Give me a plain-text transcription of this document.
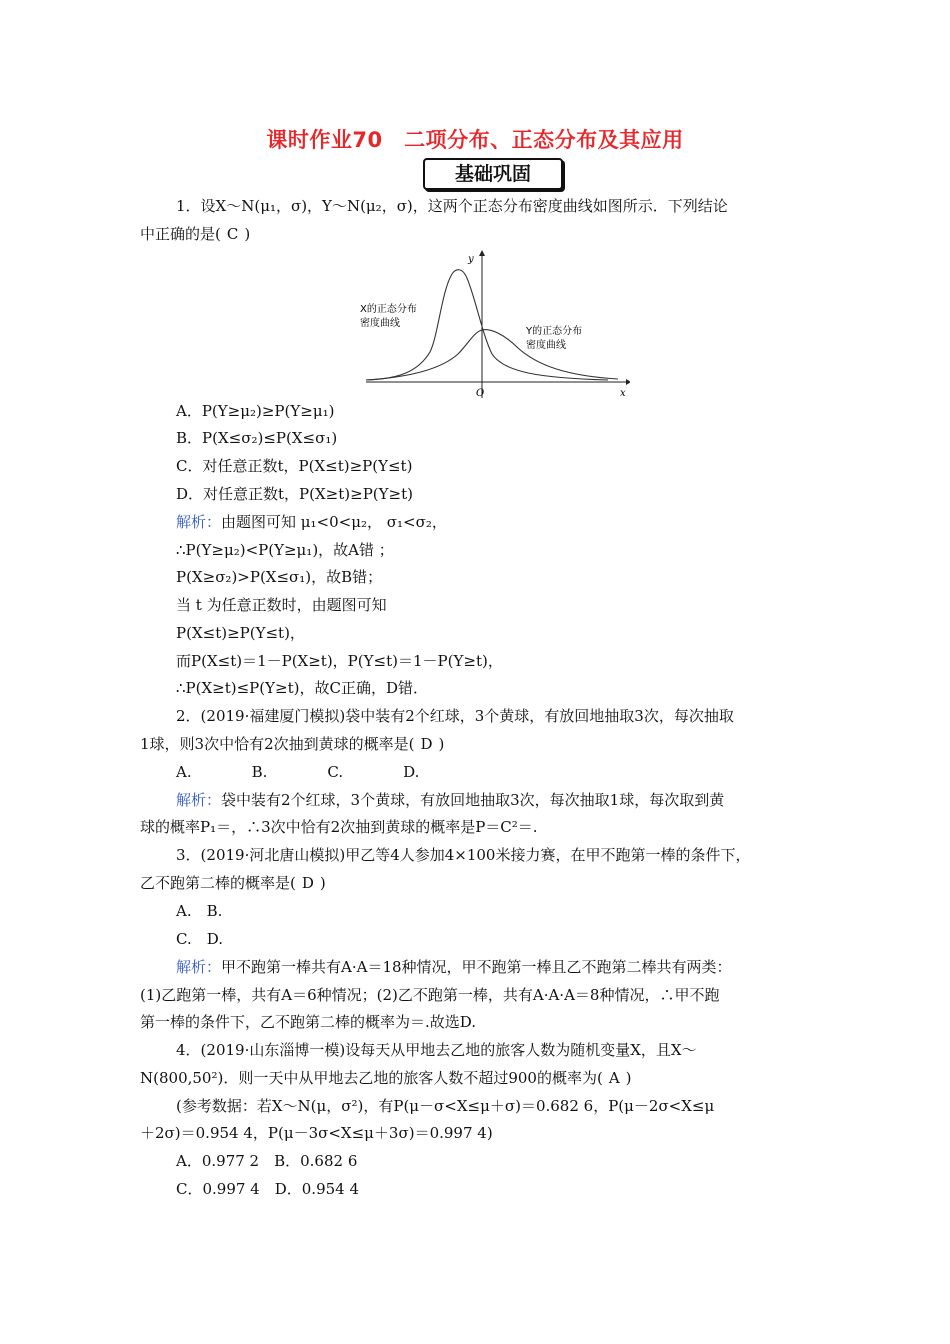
课时作业70　二项分布、正态分布及其应用
基础巩固
1．设X～N(μ₁，σ)，Y～N(μ₂，σ)，这两个正态分布密度曲线如图所示．下列结论
中正确的是( C )
y
x
O
X的正态分布
密度曲线
Y的正态分布
密度曲线
A．P(Y≥μ₂)≥P(Y≥μ₁)
B．P(X≤σ₂)≤P(X≤σ₁)
C．对任意正数t，P(X≤t)≥P(Y≤t)
D．对任意正数t，P(X≥t)≥P(Y≥t)
解析：由题图可知 μ₁<0<μ₂， σ₁<σ₂，
∴P(Y≥μ₂)<P(Y≥μ₁)，故A错 ；
P(X≥σ₂)>P(X≤σ₁)，故B错；
当 t 为任意正数时，由题图可知
P(X≤t)≥P(Y≤t)，
而P(X≤t)＝1－P(X≥t)，P(Y≤t)＝1－P(Y≥t)，
∴P(X≥t)≤P(Y≥t)，故C正确，D错．
2．(2019·福建厦门模拟)袋中装有2个红球，3个黄球，有放回地抽取3次，每次抽取
1球，则3次中恰有2次抽到黄球的概率是( D )
A.　　　　B.　　　　C.　　　　D.
解析：袋中装有2个红球，3个黄球，有放回地抽取3次，每次抽取1球，每次取到黄
球的概率P₁＝，∴3次中恰有2次抽到黄球的概率是P＝C²＝.
3．(2019·河北唐山模拟)甲乙等4人参加4×100米接力赛，在甲不跑第一棒的条件下，
乙不跑第二棒的概率是( D )
A.　B.
C.　D.
解析：甲不跑第一棒共有A·A＝18种情况，甲不跑第一棒且乙不跑第二棒共有两类：
(1)乙跑第一棒，共有A＝6种情况；(2)乙不跑第一棒，共有A·A·A＝8种情况，∴甲不跑
第一棒的条件下，乙不跑第二棒的概率为＝.故选D.
4．(2019·山东淄博一模)设每天从甲地去乙地的旅客人数为随机变量X，且X～
N(800,50²)．则一天中从甲地去乙地的旅客人数不超过900的概率为( A )
(参考数据：若X～N(μ，σ²)，有P(μ－σ<X≤μ＋σ)＝0.682 6，P(μ－2σ<X≤μ
＋2σ)＝0.954 4，P(μ－3σ<X≤μ＋3σ)＝0.997 4)
A．0.977 2　B．0.682 6
C．0.997 4　D．0.954 4
